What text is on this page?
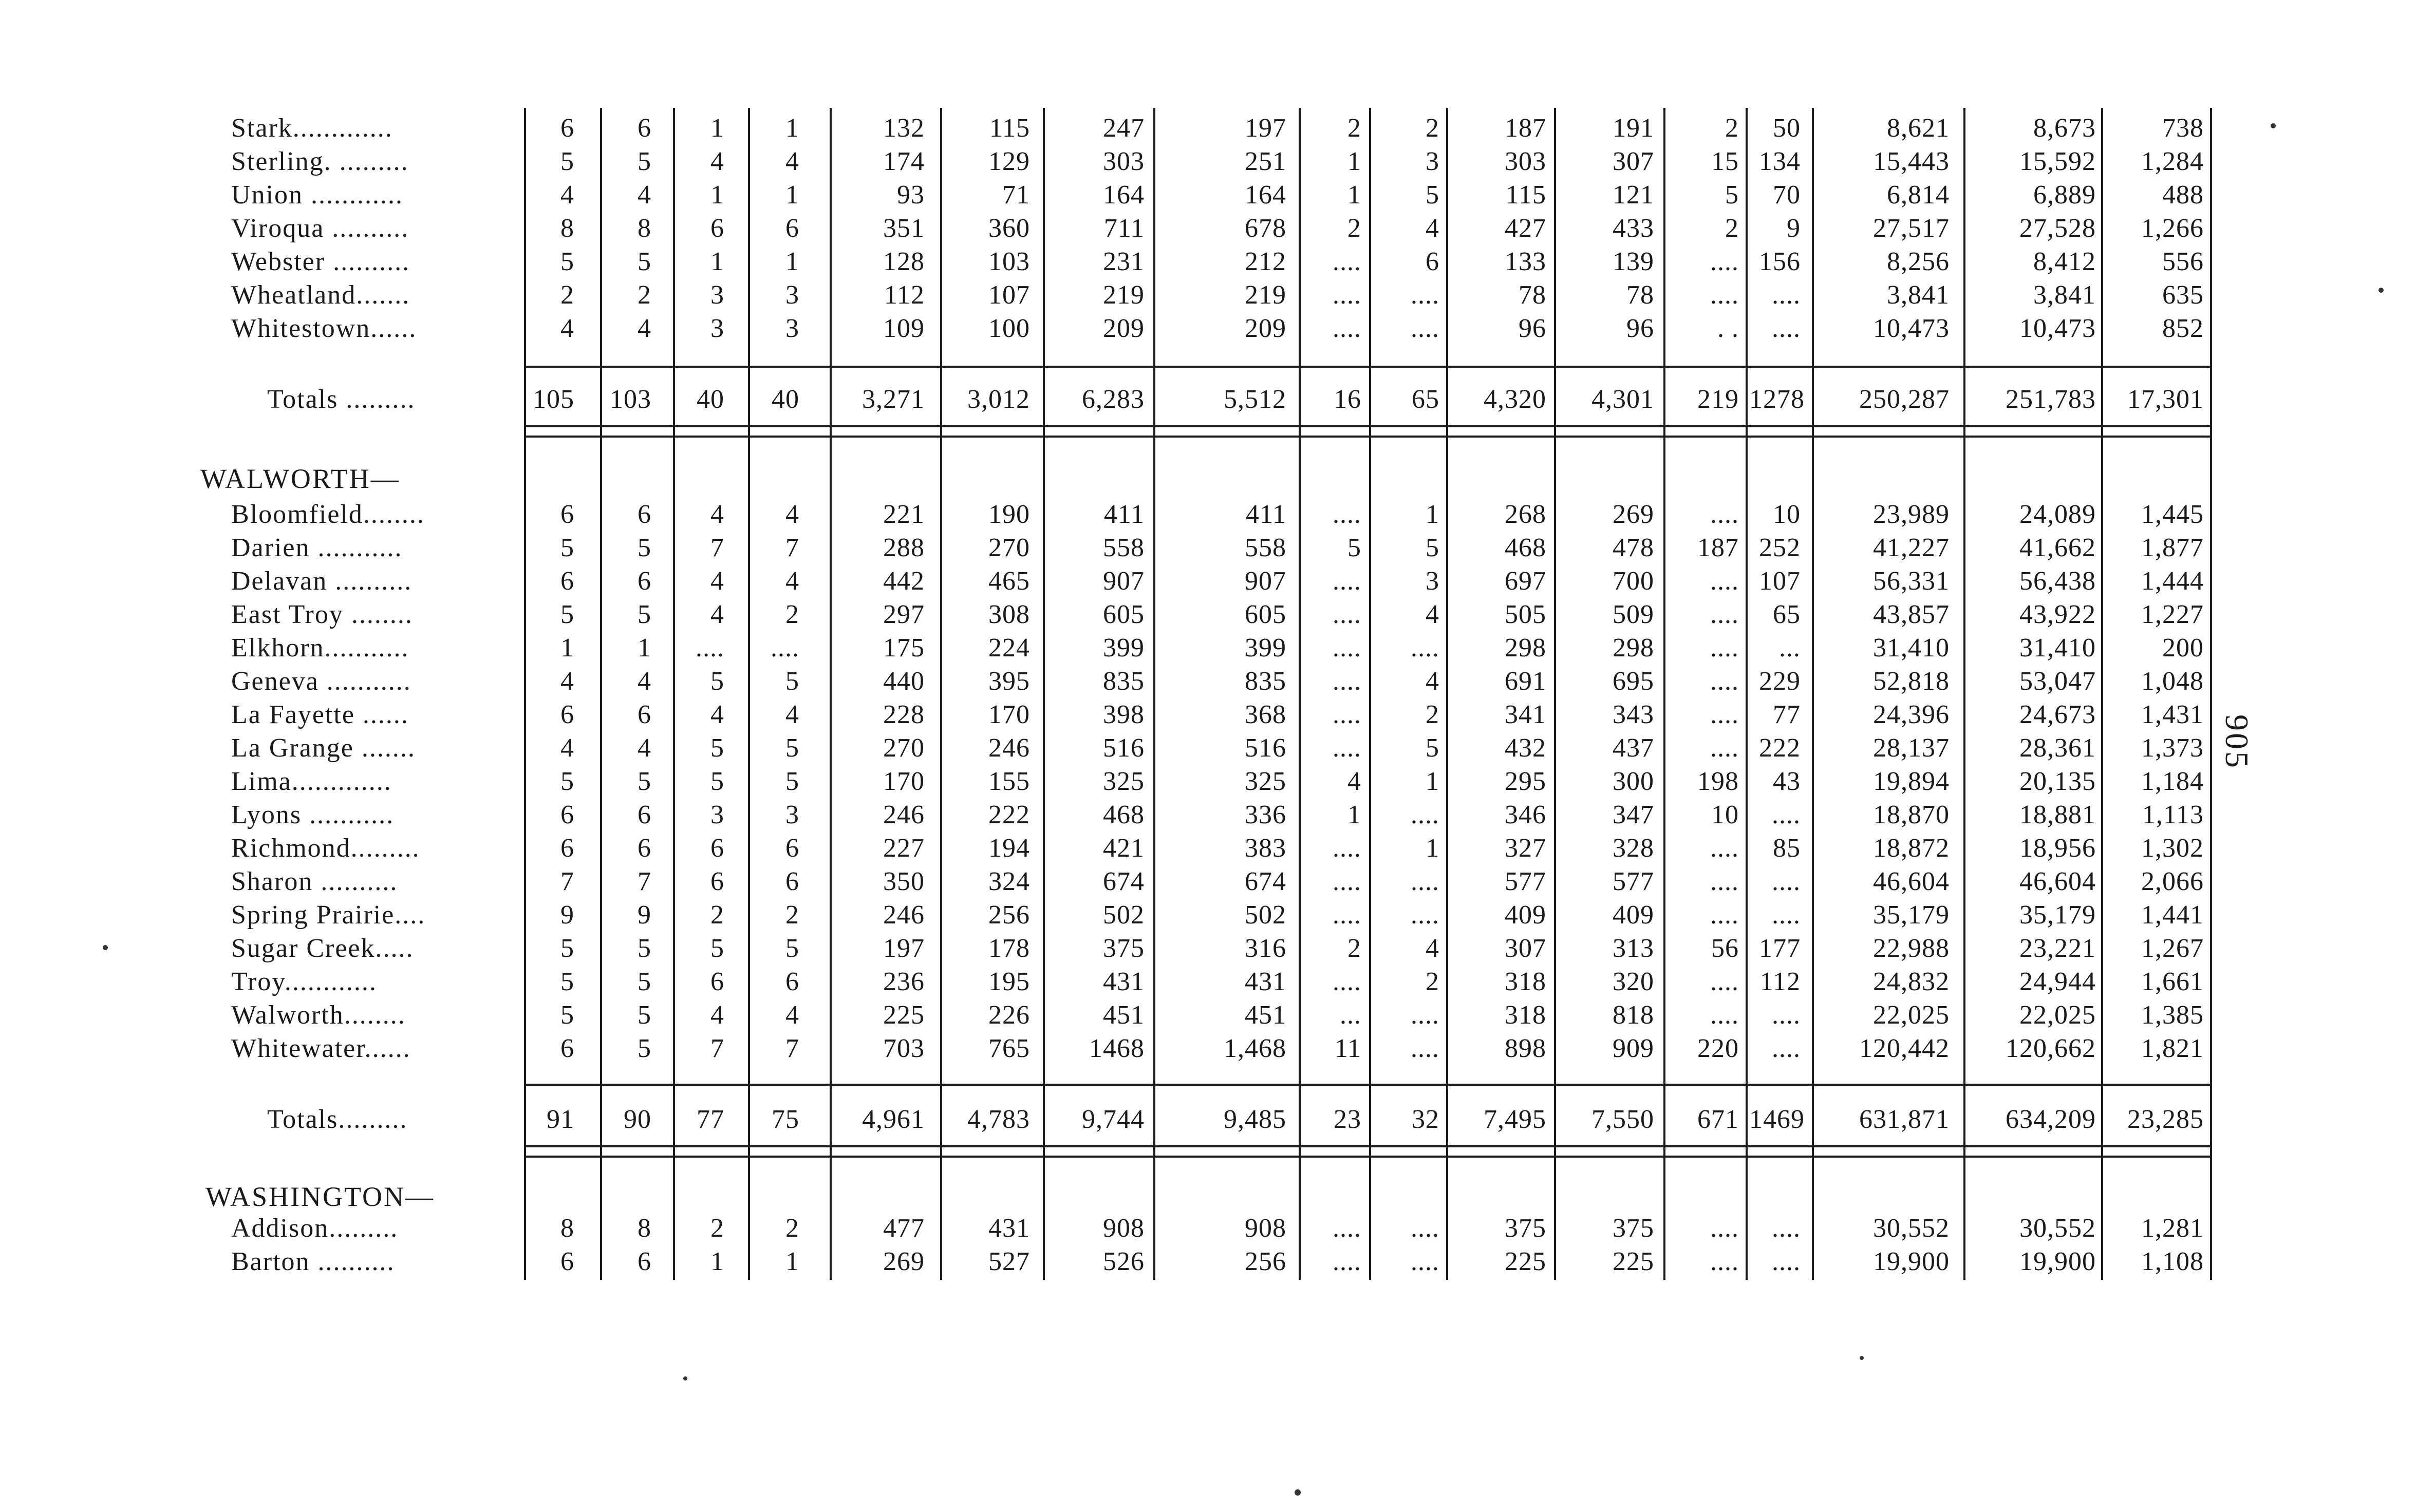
Stark.............	6	6	1	1	132	115	247	197	2	2	187	191	2	50	8,621	8,673	738
Sterling. .........	5	5	4	4	174	129	303	251	1	3	303	307	15 134	15,443	15,592	1,284
Union ............	4	4	1	1	93	71	164	164	1	5	115	121	5	70	6,814	6,889	488
Viroqua ..........	8	8	6	6	351	360	711	678	2	4	427	433	2	9	27,517	27,528	1,266
Webster ..........	5	5	1	1	128	103	231	212	....	6	133	139	.... 156	8,256	8,412	556
Wheatland.......	2	2	3	3	112	107	219	219	....	....	78	78	....	....	3,841	3,841	635
Whitestown......	4	4	3	3	109	100	209	209	....	....	96	96	. .	....	10,473	10,473	852
Totals .........	105	103	40	40	3,271	3,012	6,283	5,512	16	65	4,320	4,301	219 1278	250,287	251,783	17,301
WALWORTH—
Bloomfield........	6	6	4	4	221	190	411	411	....	1	268	269	....	10	23,989	24,089	1,445
Darien ...........	5	5	7	7	288	270	558	558	5	5	468	478	187 252	41,227	41,662	1,877
Delavan ..........	6	6	4	4	442	465	907	907	....	3	697	700	.... 107	56,331	56,438	1,444
East Troy ........	5	5	4	2	297	308	605	605	....	4	505	509	....	65	43,857	43,922	1,227
Elkhorn...........	1	1	....	....	175	224	399	399	....	....	298	298	....	...	31,410	31,410	200
Geneva ...........	4	4	5	5	440	395	835	835	....	4	691	695	.... 229	52,818	53,047	1,048
La Fayette ......	6	6	4	4	228	170	398	368	....	2	341	343	....	77	24,396	24,673	1,431
La Grange .......	4	4	5	5	270	246	516	516	....	5	432	437	.... 222	28,137	28,361	1,373
Lima.............	5	5	5	5	170	155	325	325	4	1	295	300	198	43	19,894	20,135	1,184
Lyons ...........	6	6	3	3	246	222	468	336	1	....	346	347	10	....	18,870	18,881	1,113
Richmond.........	6	6	6	6	227	194	421	383	....	1	327	328	....	85	18,872	18,956	1,302
Sharon ..........	7	7	6	6	350	324	674	674	....	....	577	577	....	....	46,604	46,604	2,066
Spring Prairie....	9	9	2	2	246	256	502	502	....	....	409	409	....	....	35,179	35,179	1,441
Sugar Creek.....	5	5	5	5	197	178	375	316	2	4	307	313	56 177	22,988	23,221	1,267
Troy............	5	5	6	6	236	195	431	431	....	2	318	320	.... 112	24,832	24,944	1,661
Walworth........	5	5	4	4	225	226	451	451	...	....	318	818	....	....	22,025	22,025	1,385
Whitewater......	6	5	7	7	703	765	1468	1,468	11	....	898	909	220	....	120,442	120,662	1,821
Totals.........	91	90	77	75	4,961	4,783	9,744	9,485	23	32	7,495	7,550	671 1469	631,871	634,209	23,285
WASHINGTON—
Addison.........	8	8	2	2	477	431	908	908	....	....	375	375	....	....	30,552	30,552	1,281
Barton ..........	6	6	1	1	269	527	526	256	....	....	225	225	....	....	19,900	19,900	1,108
905
